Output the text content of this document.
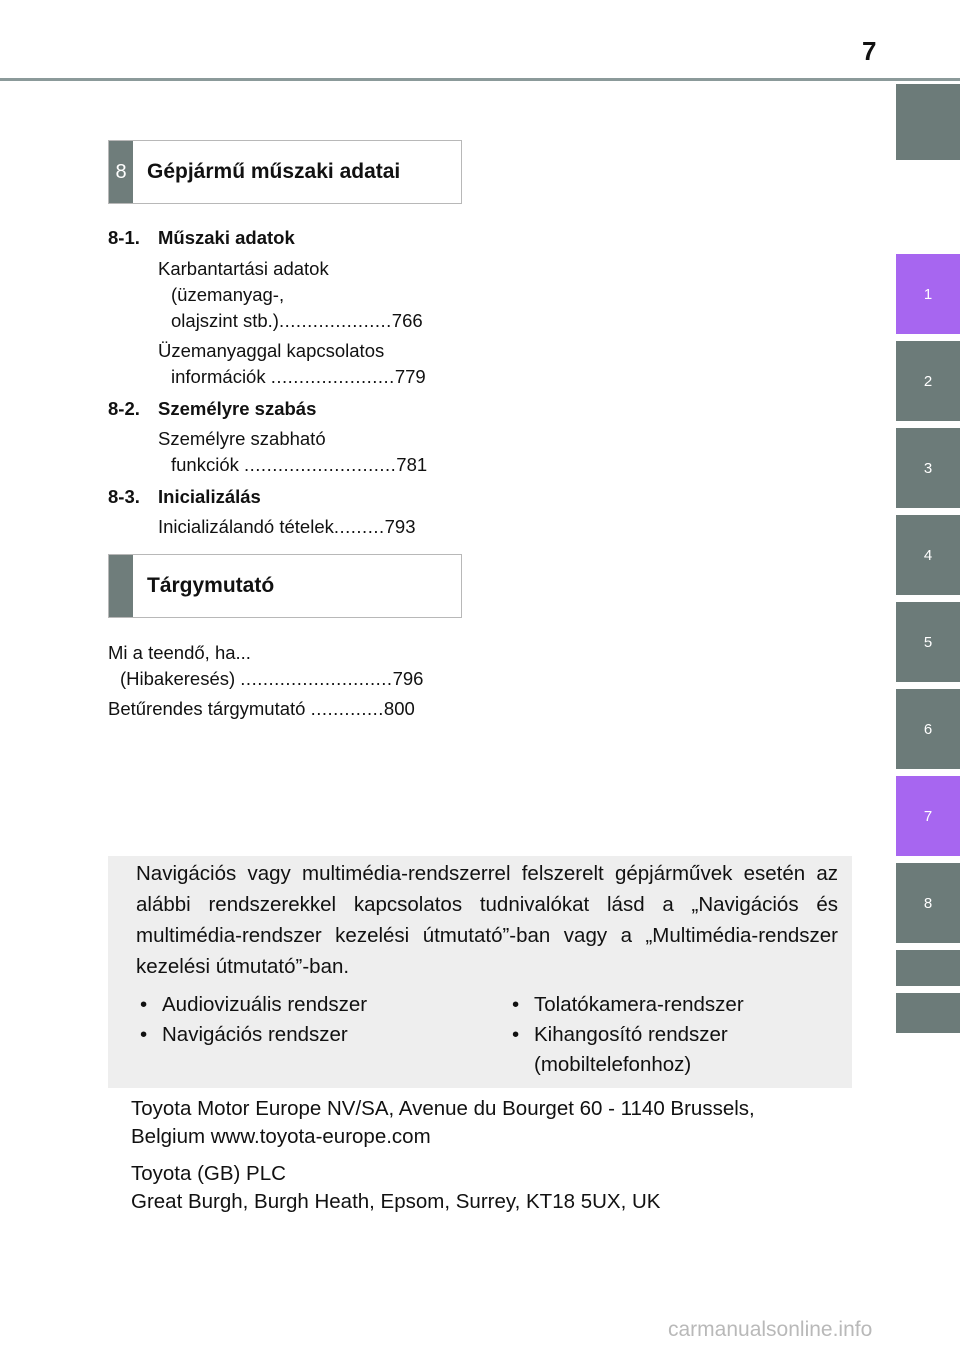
7
1
2
3
4
5
6
7
8
8 Gépjármű műszaki adatai
8-1. Műszaki adatok
Karbantartási adatok
(üzemanyag-,
olajszint stb.)....................766
Üzemanyaggal kapcsolatos
információk ......................779
8-2. Személyre szabás
Személyre szabható
funkciók ...........................781
8-3. Inicializálás
Inicializálandó tételek.........793
Tárgymutató
Mi a teendő, ha...
(Hibakeresés) ...........................796
Betűrendes tárgymutató .............800
Navigációs vagy multimédia-rendszerrel felszerelt gépjárművek esetén az alábbi rendszerekkel kapcsolatos tudnivalókat lásd a „Navigációs és multimédia-rendszer kezelési útmutató”-ban vagy a „Multimédia-rendszer kezelési útmutató”-ban.
• Audiovizuális rendszer
• Navigációs rendszer
• Tolatókamera-rendszer
• Kihangosító rendszer
(mobiltelefonhoz)
Toyota Motor Europe NV/SA, Avenue du Bourget 60 - 1140 Brussels,
Belgium www.toyota-europe.com
Toyota (GB) PLC
Great Burgh, Burgh Heath, Epsom, Surrey, KT18 5UX, UK
carmanualsonline.info
